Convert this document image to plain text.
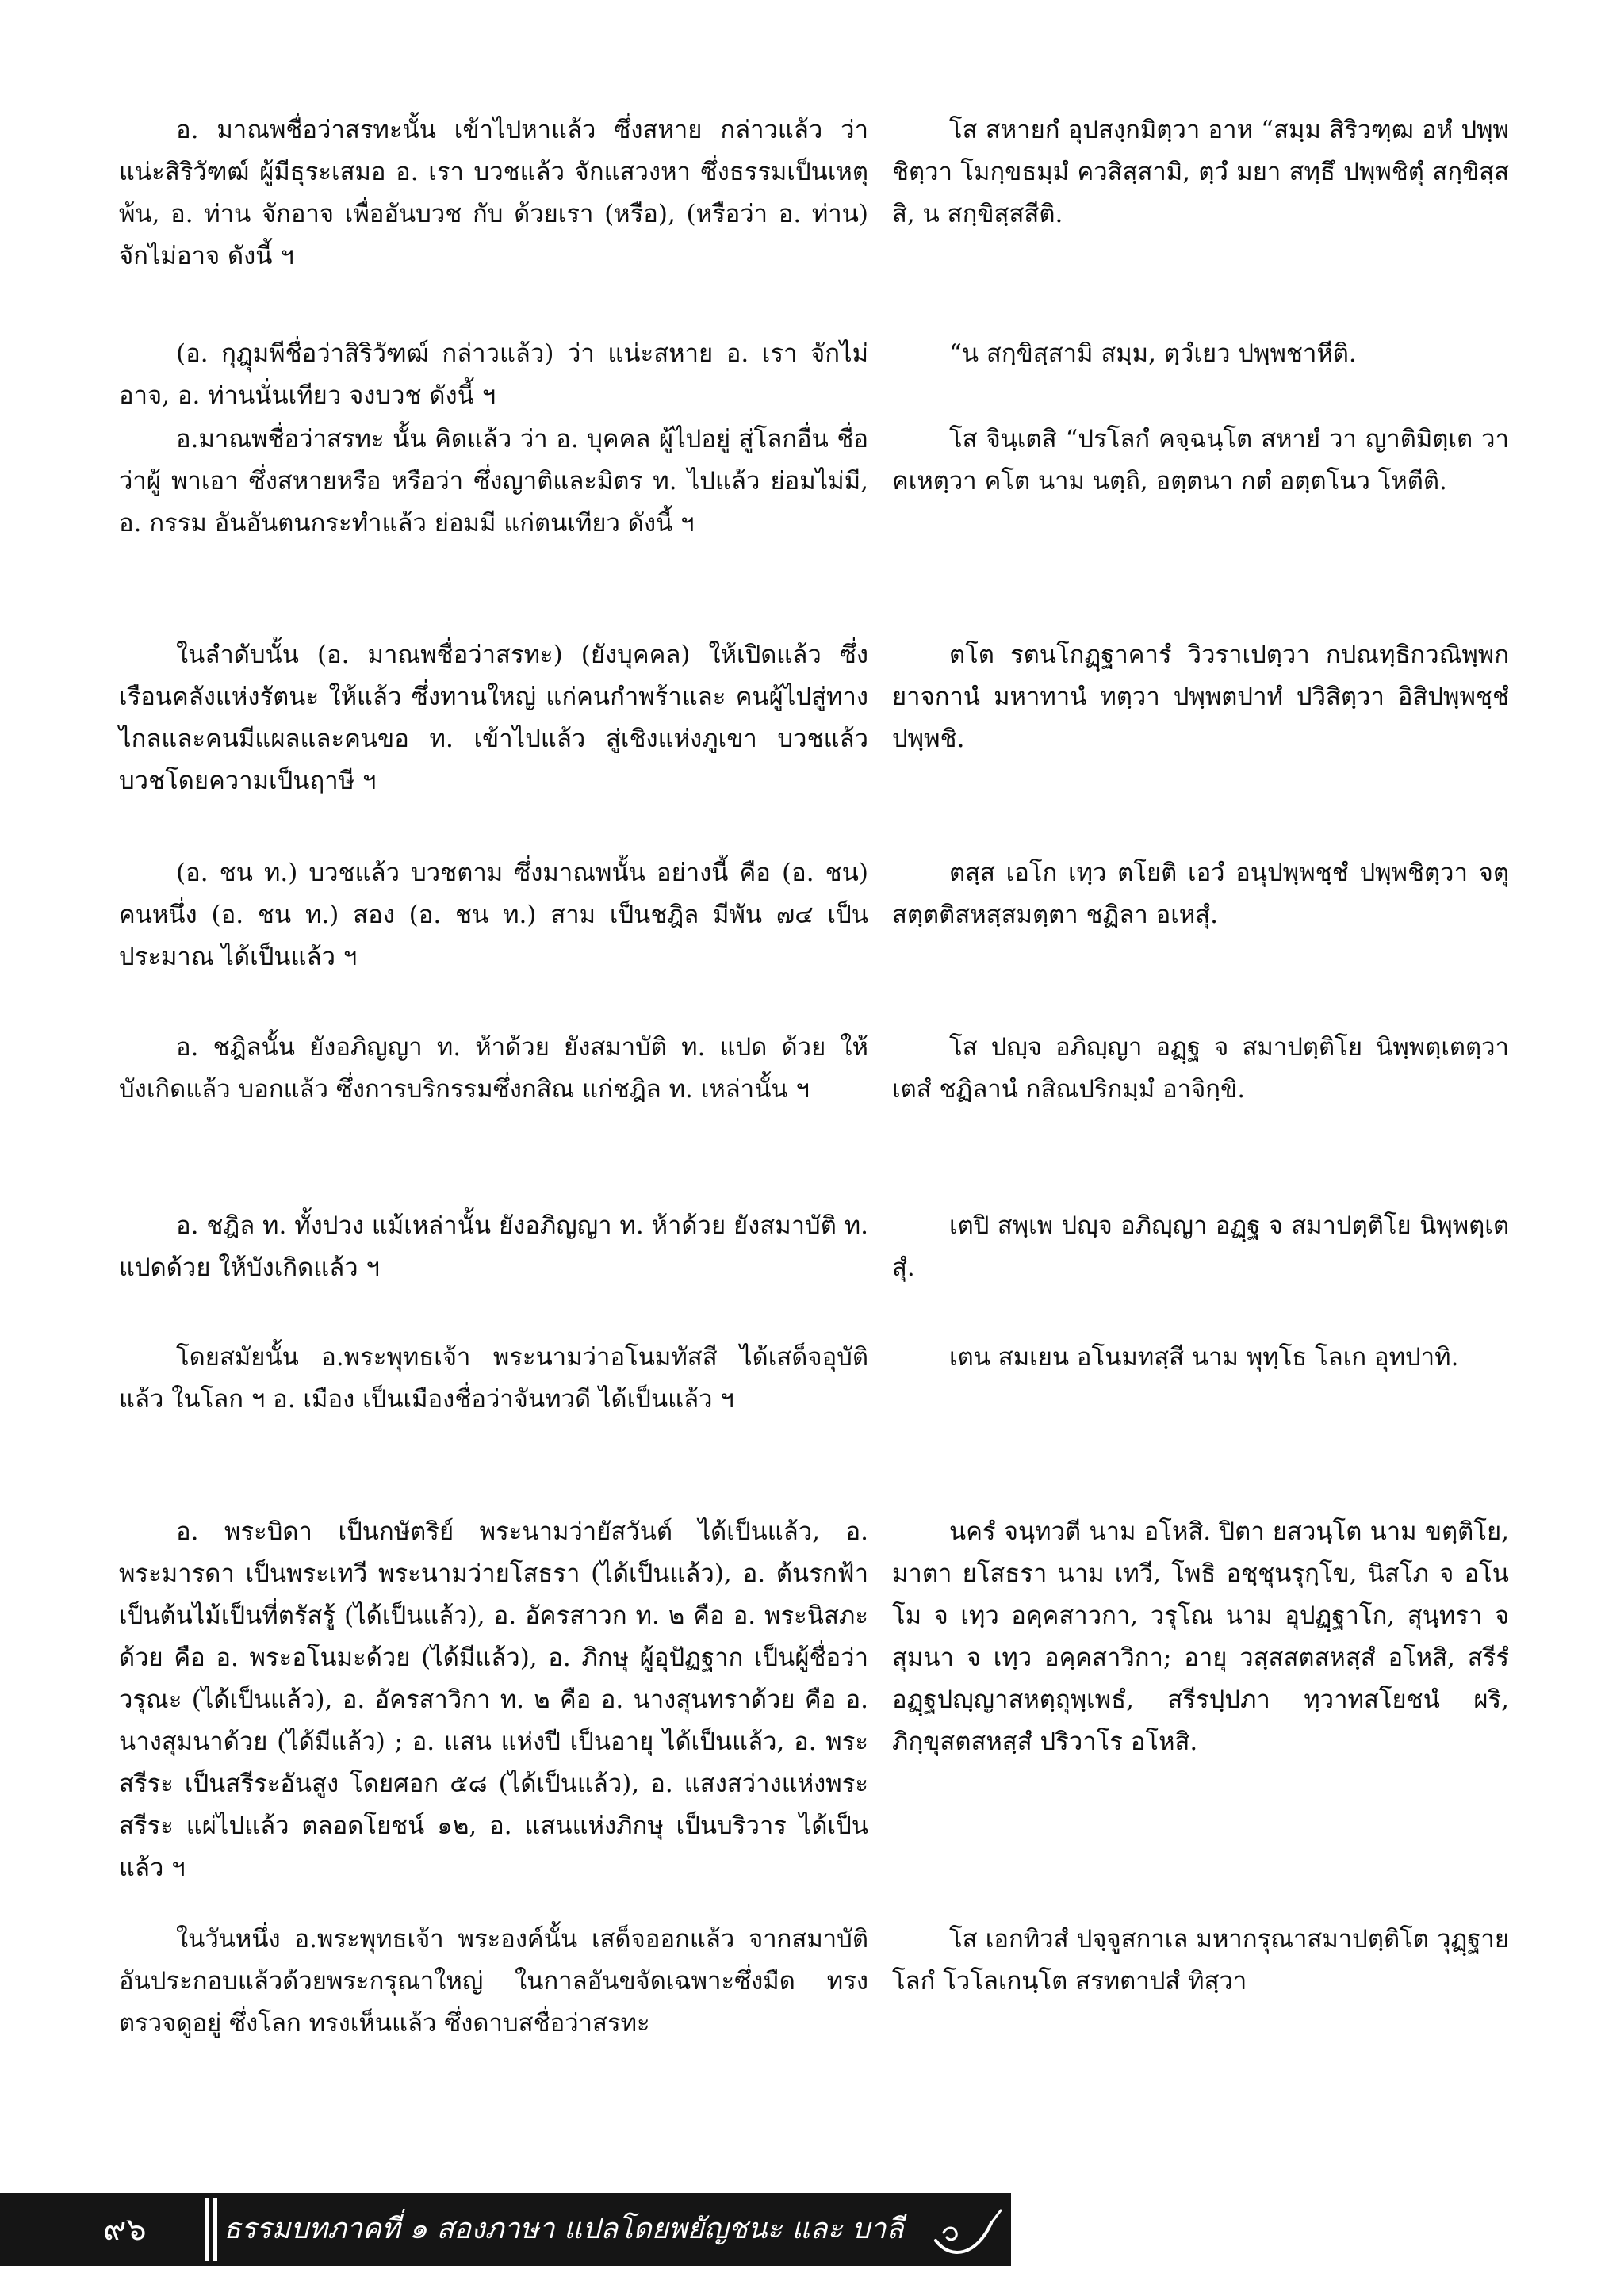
อ. มาณพชื่อว่าสรทะนั้น เข้าไปหาแล้ว ซึ่งสหาย กล่าวแล้ว ว่า แน่ะสิริวัฑฒ์ ผู้มีธุระเสมอ อ. เรา บวชแล้ว จักแสวงหา ซึ่งธรรมเป็นเหตุพ้น, อ. ท่าน จักอาจ เพื่ออันบวช กับ ด้วยเรา (หรือ), (หรือว่า อ. ท่าน) จักไม่อาจ ดังนี้ ฯ

โส สหายกํ อุปสงฺกมิตฺวา อาห “สมฺม สิริวฑฺฒ อหํ ปพฺพชิตฺวา โมกฺขธมฺมํ ควสิสฺสามิ, ตฺวํ มยา สทฺธึ ปพฺพชิตุํ สกฺขิสฺสสิ, น สกฺขิสฺสสีติ.

(อ. กุฎุมพีชื่อว่าสิริวัฑฒ์ กล่าวแล้ว) ว่า แน่ะสหาย อ. เรา จักไม่อาจ, อ. ท่านนั่นเทียว จงบวช ดังนี้ ฯ

“น สกฺขิสฺสามิ สมฺม, ตฺวํเยว ปพฺพชาหีติ.

อ.มาณพชื่อว่าสรทะ นั้น คิดแล้ว ว่า อ. บุคคล ผู้ไปอยู่ สู่โลกอื่น ชื่อว่าผู้ พาเอา ซึ่งสหายหรือ หรือว่า ซึ่งญาติและมิตร ท. ไปแล้ว ย่อมไม่มี, อ. กรรม อันอันตนกระทำแล้ว ย่อมมี แก่ตนเทียว ดังนี้ ฯ

โส จินฺเตสิ “ปรโลกํ คจฺฉนฺโต สหายํ วา ญาติมิตฺเต วา คเหตฺวา คโต นาม นตฺถิ, อตฺตนา กตํ อตฺตโนว โหตีติ.

ในลำดับนั้น (อ. มาณพชื่อว่าสรทะ) (ยังบุคคล) ให้เปิดแล้ว ซึ่งเรือนคลังแห่งรัตนะ ให้แล้ว ซึ่งทานใหญ่ แก่คนกำพร้าและ คนผู้ไปสู่ทางไกลและคนมีแผลและคนขอ ท. เข้าไปแล้ว สู่เชิงแห่งภูเขา บวชแล้ว บวชโดยความเป็นฤาษี ฯ

ตโต รตนโกฏฺฐาคารํ วิวราเปตฺวา กปณทฺธิกวณิพฺพกยาจกานํ มหาทานํ ทตฺวา ปพฺพตปาทํ ปวิสิตฺวา อิสิปพฺพชฺชํ ปพฺพชิ.

(อ. ชน ท.) บวชแล้ว บวชตาม ซึ่งมาณพนั้น อย่างนี้ คือ (อ. ชน) คนหนึ่ง (อ. ชน ท.) สอง (อ. ชน ท.) สาม เป็นชฎิล มีพัน ๗๔ เป็นประมาณ ได้เป็นแล้ว ฯ

ตสฺส เอโก เทฺว ตโยติ เอวํ อนุปพฺพชฺชํ ปพฺพชิตฺวา จตุสตฺตติสหสฺสมตฺตา ชฏิลา อเหสุํ.

อ. ชฎิลนั้น ยังอภิญญา ท. ห้าด้วย ยังสมาบัติ ท. แปด ด้วย ให้บังเกิดแล้ว บอกแล้ว ซึ่งการบริกรรมซึ่งกสิณ แก่ชฎิล ท. เหล่านั้น ฯ

โส ปญฺจ อภิญฺญา อฏฺฐ จ สมาปตฺติโย นิพฺพตฺเตตฺวา เตสํ ชฏิลานํ กสิณปริกมฺมํ อาจิกฺขิ.

อ. ชฎิล ท. ทั้งปวง แม้เหล่านั้น ยังอภิญญา ท. ห้าด้วย ยังสมาบัติ ท. แปดด้วย ให้บังเกิดแล้ว ฯ

เตปิ สพฺเพ ปญฺจ อภิญฺญา อฏฺฐ จ สมาปตฺติโย นิพฺพตฺเตสุํ.

โดยสมัยนั้น อ.พระพุทธเจ้า พระนามว่าอโนมทัสสี ได้เสด็จอุบัติแล้ว ในโลก ฯ อ. เมือง เป็นเมืองชื่อว่าจันทวดี ได้เป็นแล้ว ฯ

เตน สมเยน อโนมทสฺสี นาม พุทฺโธ โลเก อุทปาทิ.

อ. พระบิดา เป็นกษัตริย์ พระนามว่ายัสวันต์ ได้เป็นแล้ว, อ. พระมารดา เป็นพระเทวี พระนามว่ายโสธรา (ได้เป็นแล้ว), อ. ต้นรกฟ้า เป็นต้นไม้เป็นที่ตรัสรู้ (ได้เป็นแล้ว), อ. อัครสาวก ท. ๒ คือ อ. พระนิสภะด้วย คือ อ. พระอโนมะด้วย (ได้มีแล้ว), อ. ภิกษุ ผู้อุปัฏฐาก เป็นผู้ชื่อว่า วรุณะ (ได้เป็นแล้ว), อ. อัครสาวิกา ท. ๒ คือ อ. นางสุนทราด้วย คือ อ. นางสุมนาด้วย (ได้มีแล้ว) ; อ. แสน แห่งปี เป็นอายุ ได้เป็นแล้ว, อ. พระสรีระ เป็นสรีระอันสูง โดยศอก ๕๘ (ได้เป็นแล้ว), อ. แสงสว่างแห่งพระสรีระ แผ่ไปแล้ว ตลอดโยชน์ ๑๒, อ. แสนแห่งภิกษุ เป็นบริวาร ได้เป็นแล้ว ฯ

นครํ จนฺทวตี นาม อโหสิ. ปิตา ยสวนฺโต นาม ขตฺติโย, มาตา ยโสธรา นาม เทวี, โพธิ อชฺชุนรุกฺโข, นิสโภ จ อโนโม จ เทฺว อคฺคสาวกา, วรุโณ นาม อุปฏฺฐาโก, สุนฺทรา จ สุมนา จ เทฺว อคฺคสาวิกา; อายุ วสฺสสตสหสฺสํ อโหสิ, สรีรํ อฏฺฐปญฺญาสหตฺถุพฺเพธํ, สรีรปฺปภา ทฺวาทสโยชนํ ผริ, ภิกฺขุสตสหสฺสํ ปริวาโร อโหสิ.

ในวันหนึ่ง อ.พระพุทธเจ้า พระองค์นั้น เสด็จออกแล้ว จากสมาบัติอันประกอบแล้วด้วยพระกรุณาใหญ่ ในกาลอันขจัดเฉพาะซึ่งมืด ทรงตรวจดูอยู่ ซึ่งโลก ทรงเห็นแล้ว ซึ่งดาบสชื่อว่าสรทะ

โส เอกทิวสํ ปจฺจูสกาเล มหากรุณาสมาปตฺติโต วุฏฺฐาย โลกํ โวโลเกนฺโต สรทตาปสํ ทิสฺวา

๙๖	ธรรมบทภาคที่ ๑ สองภาษา แปลโดยพยัญชนะ และ บาลี
